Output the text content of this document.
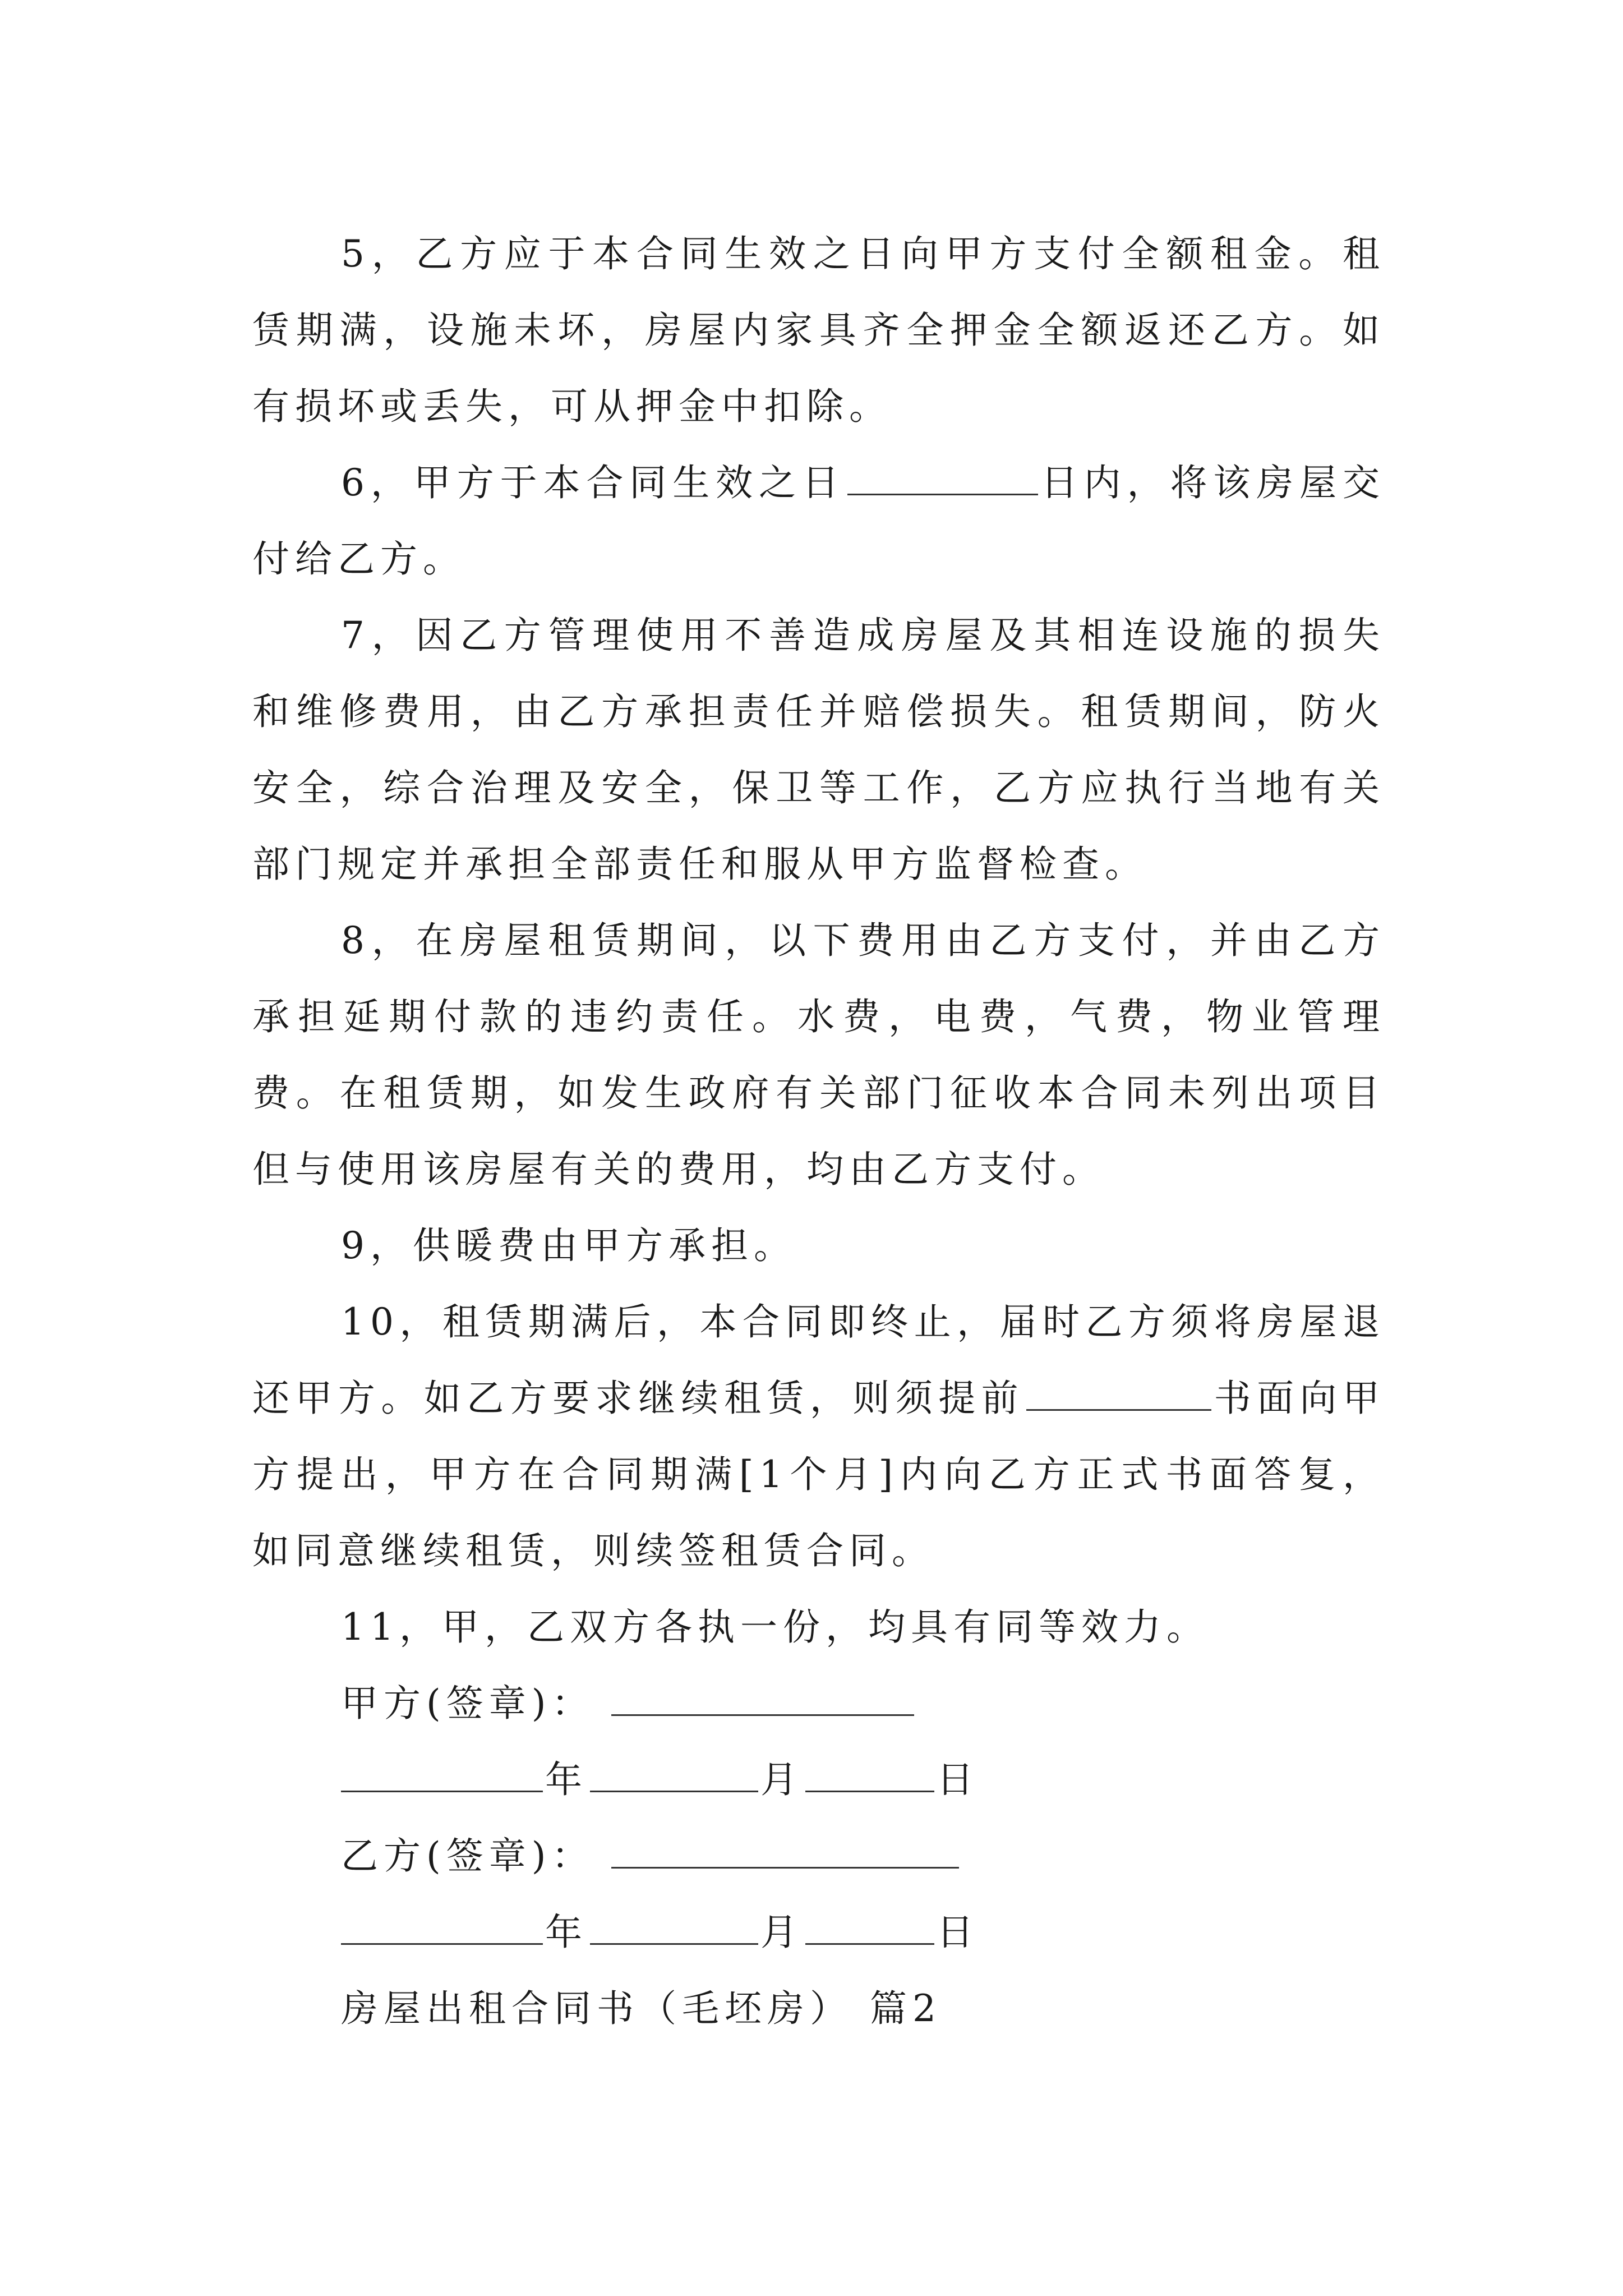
5，乙方应于本合同生效之日向甲方支付全额租金。租赁期满，设施未坏，房屋内家具齐全押金全额返还乙方。如有损坏或丢失，可从押金中扣除。

6，甲方于本合同生效之日	日内，将该房屋交付给乙方。

7，因乙方管理使用不善造成房屋及其相连设施的损失和维修费用，由乙方承担责任并赔偿损失。租赁期间，防火安全，综合治理及安全，保卫等工作，乙方应执行当地有关部门规定并承担全部责任和服从甲方监督检查。

8，在房屋租赁期间，以下费用由乙方支付，并由乙方承担延期付款的违约责任。水费，电费，气费，物业管理费。在租赁期，如发生政府有关部门征收本合同未列出项目但与使用该房屋有关的费用，均由乙方支付。

9，供暖费由甲方承担。

10，租赁期满后，本合同即终止，届时乙方须将房屋退还甲方。如乙方要求继续租赁，则须提前	书面向甲方提出，甲方在合同期满[1个月]内向乙方正式书面答复，如同意继续租赁，则续签租赁合同。

11，甲，乙双方各执一份，均具有同等效力。

甲方(签章)：

年	月	日

乙方(签章)：

年	月	日

房屋出租合同书（毛坯房） 篇2
